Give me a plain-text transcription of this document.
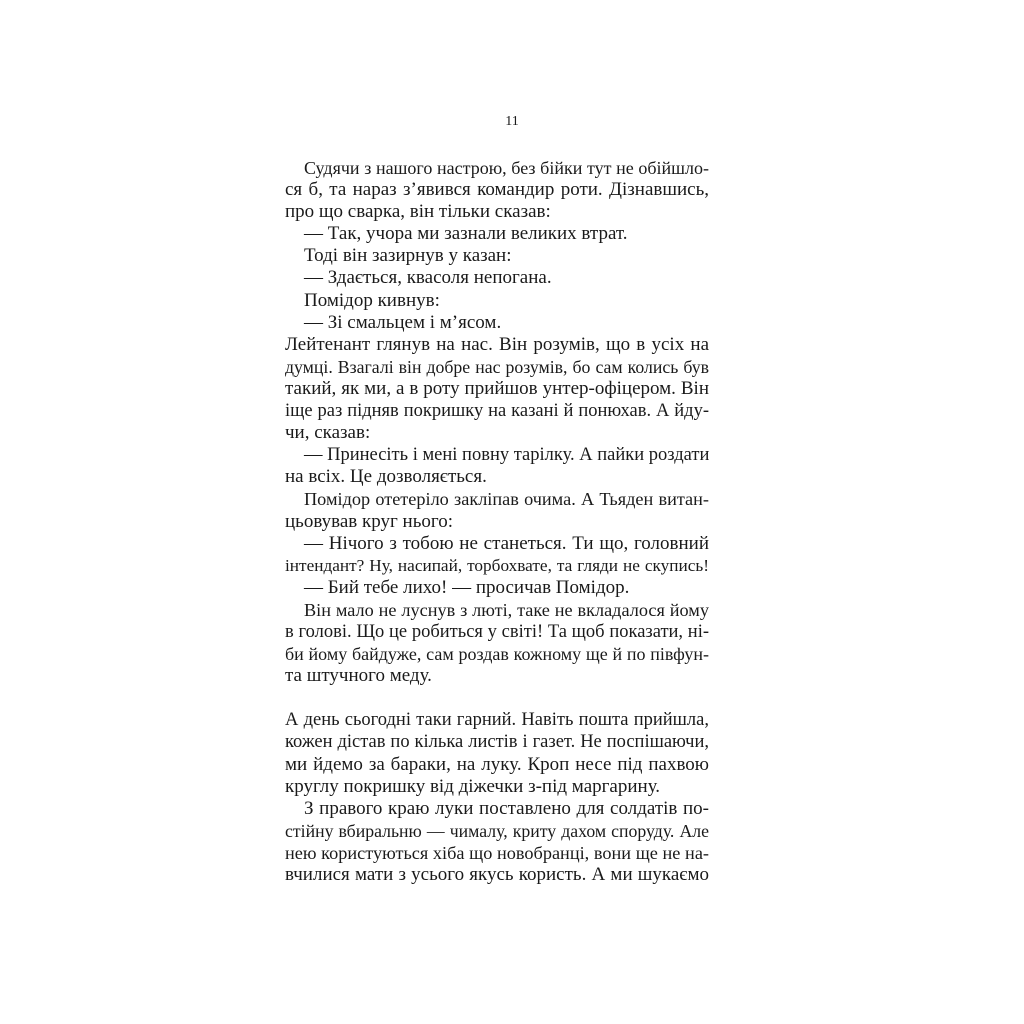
11
Судячи з нашого настрою, без бійки тут не обійшло-
ся б, та нараз з’явився командир роти. Дізнавшись,
про що сварка, він тільки сказав:
— Так, учора ми зазнали великих втрат.
Тоді він зазирнув у казан:
— Здається, квасоля непогана.
Помідор кивнув:
— Зі смальцем і м’ясом.
Лейтенант глянув на нас. Він розумів, що в усіх на
думці. Взагалі він добре нас розумів, бо сам колись був
такий, як ми, а в роту прийшов унтер-офіцером. Він
іще раз підняв покришку на казані й понюхав. А йду-
чи, сказав:
— Принесіть і мені повну тарілку. А пайки роздати
на всіх. Це дозволяється.
Помідор отетеріло закліпав очима. А Тьяден витан-
цьовував круг нього:
— Нічого з тобою не станеться. Ти що, головний
інтендант? Ну, насипай, торбохвате, та гляди не скупись!
— Бий тебе лихо! — просичав Помідор.
Він мало не луснув з люті, таке не вкладалося йому
в голові. Що це робиться у світі! Та щоб показати, ні-
би йому байдуже, сам роздав кожному ще й по півфун-
та штучного меду.
А день сьогодні таки гарний. Навіть пошта прийшла,
кожен дістав по кілька листів і газет. Не поспішаючи,
ми йдемо за бараки, на луку. Кроп несе під пахвою
круглу покришку від діжечки з-під маргарину.
З правого краю луки поставлено для солдатів по-
стійну вбиральню — чималу, криту дахом споруду. Але
нею користуються хіба що новобранці, вони ще не на-
вчилися мати з усього якусь користь. А ми шукаємо
